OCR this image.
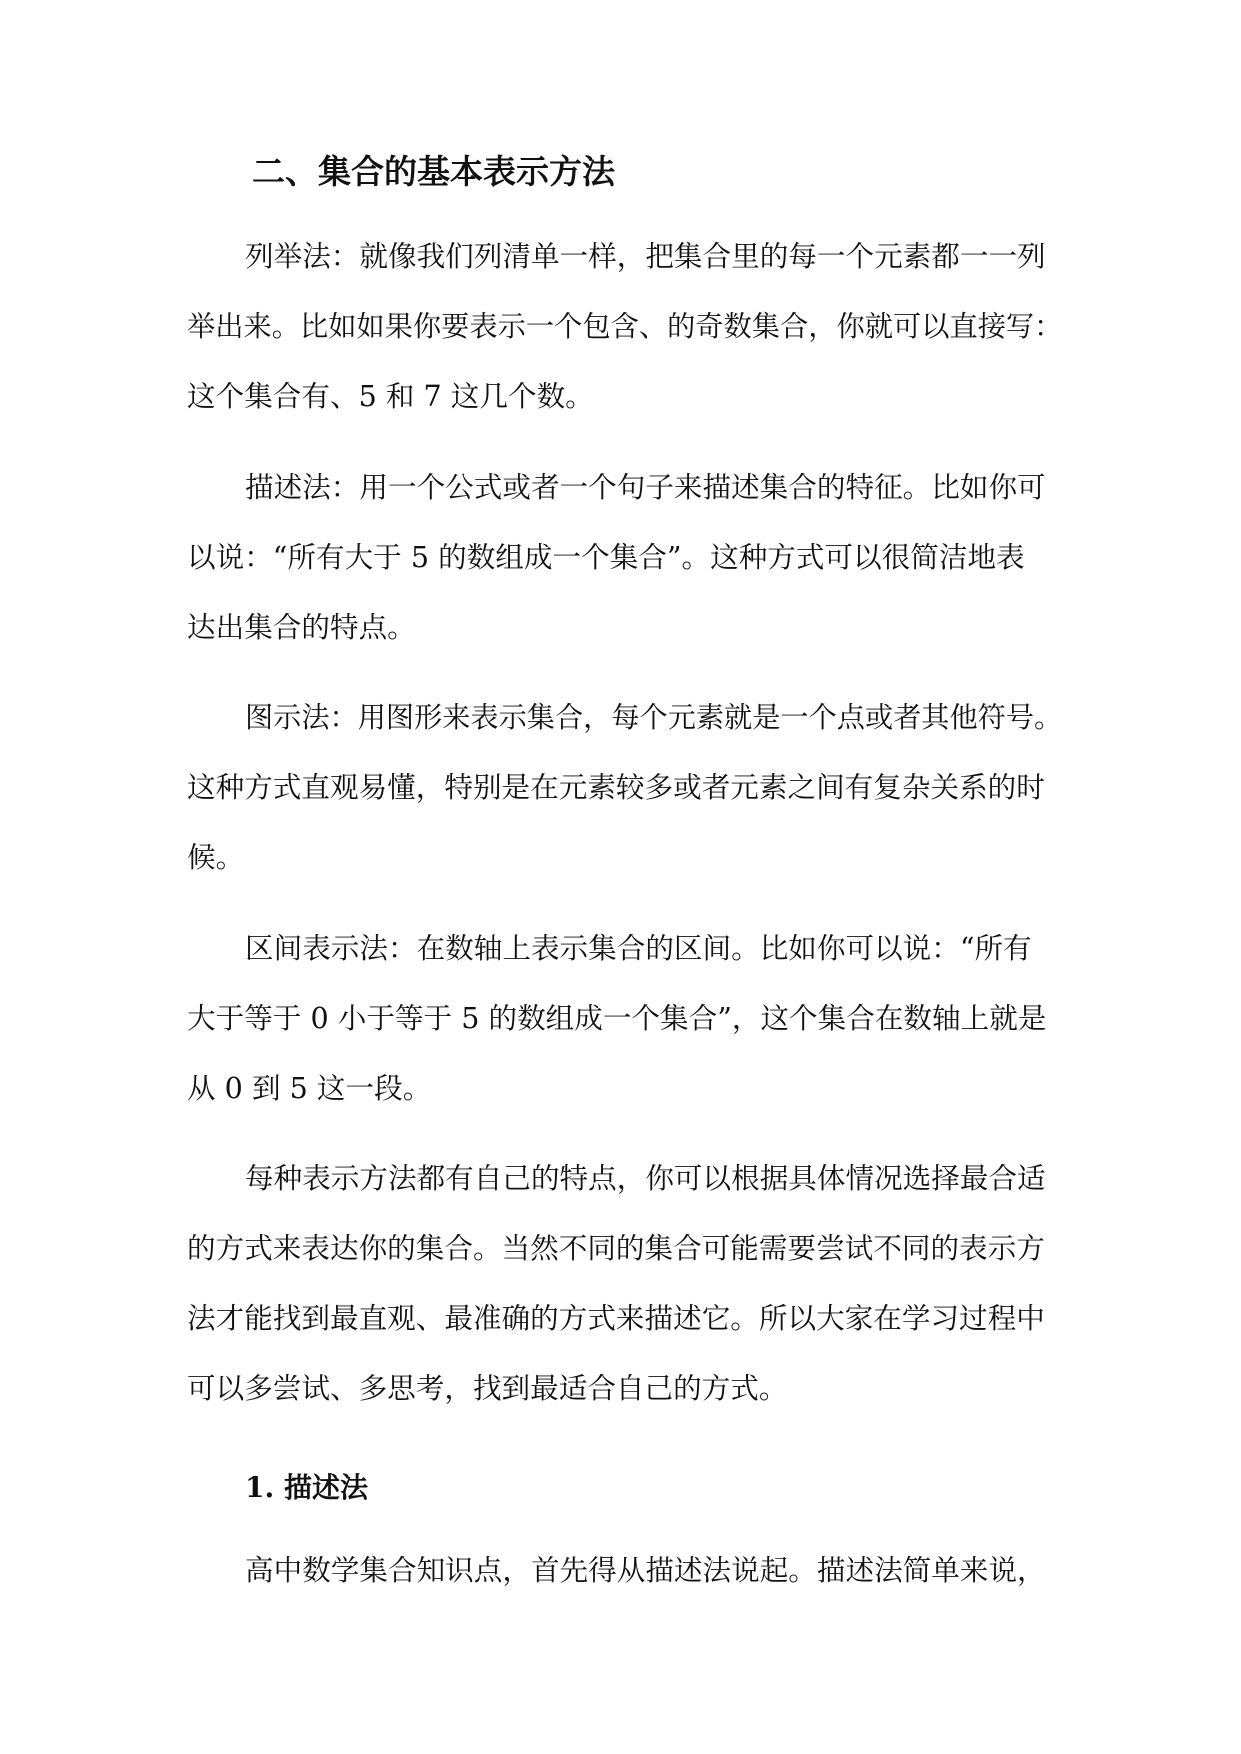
二、集合的基本表示方法

列举法：就像我们列清单一样，把集合里的每一个元素都一一列

举出来。比如如果你要表示一个包含、的奇数集合，你就可以直接写：

这个集合有、5 和 7 这几个数。

描述法：用一个公式或者一个句子来描述集合的特征。比如你可

以说：“所有大于 5 的数组成一个集合”。这种方式可以很简洁地表

达出集合的特点。

图示法：用图形来表示集合，每个元素就是一个点或者其他符号。

这种方式直观易懂，特别是在元素较多或者元素之间有复杂关系的时

候。

区间表示法：在数轴上表示集合的区间。比如你可以说：“所有

大于等于 0 小于等于 5 的数组成一个集合”，这个集合在数轴上就是

从 0 到 5 这一段。

每种表示方法都有自己的特点，你可以根据具体情况选择最合适

的方式来表达你的集合。当然不同的集合可能需要尝试不同的表示方

法才能找到最直观、最准确的方式来描述它。所以大家在学习过程中

可以多尝试、多思考，找到最适合自己的方式。

1. 描述法

高中数学集合知识点，首先得从描述法说起。描述法简单来说，
